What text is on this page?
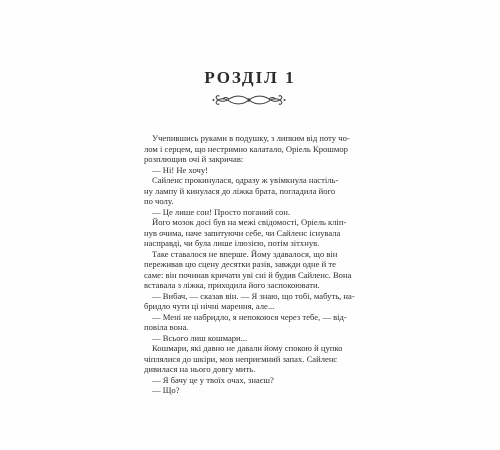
РОЗДІЛ 1
Учепившись руками в подушку, з липким від поту чо-
лом і серцем, що нестримно калатало, Оріель Крошмор
розплющив очі й закричав:
— Ні! Не хочу!
Сайленс прокинулася, одразу ж увімкнула настіль-
ну лампу й кинулася до ліжка брата, погладила його
по чолу.
— Це лише сон! Просто поганий сон.
Його мозок досі був на межі свідомості, Оріель кліп-
нув очима, наче запитуючи себе, чи Сайленс існувала
насправді, чи була лише ілюзією, потім зітхнув.
Таке ставалося не вперше. Йому здавалося, що він
переживав цю сцену десятки разів, завжди одне й те
саме: він починав кричати уві сні й будив Сайленс. Вона
вставала з ліжка, приходила його заспокоювати.
— Вибач, — сказав він. — Я знаю, що тобі, мабуть, на-
бридло чути ці нічні марення, але...
— Мені не набридло, я непокоюся через тебе, — від-
повіла вона.
— Всього лиш кошмари...
Кошмари, які давно не давали йому спокою й цупко
чіплялися до шкіри, мов неприємний запах. Сайленс
дивилася на нього довгу мить.
— Я бачу це у твоїх очах, знаєш?
— Що?
